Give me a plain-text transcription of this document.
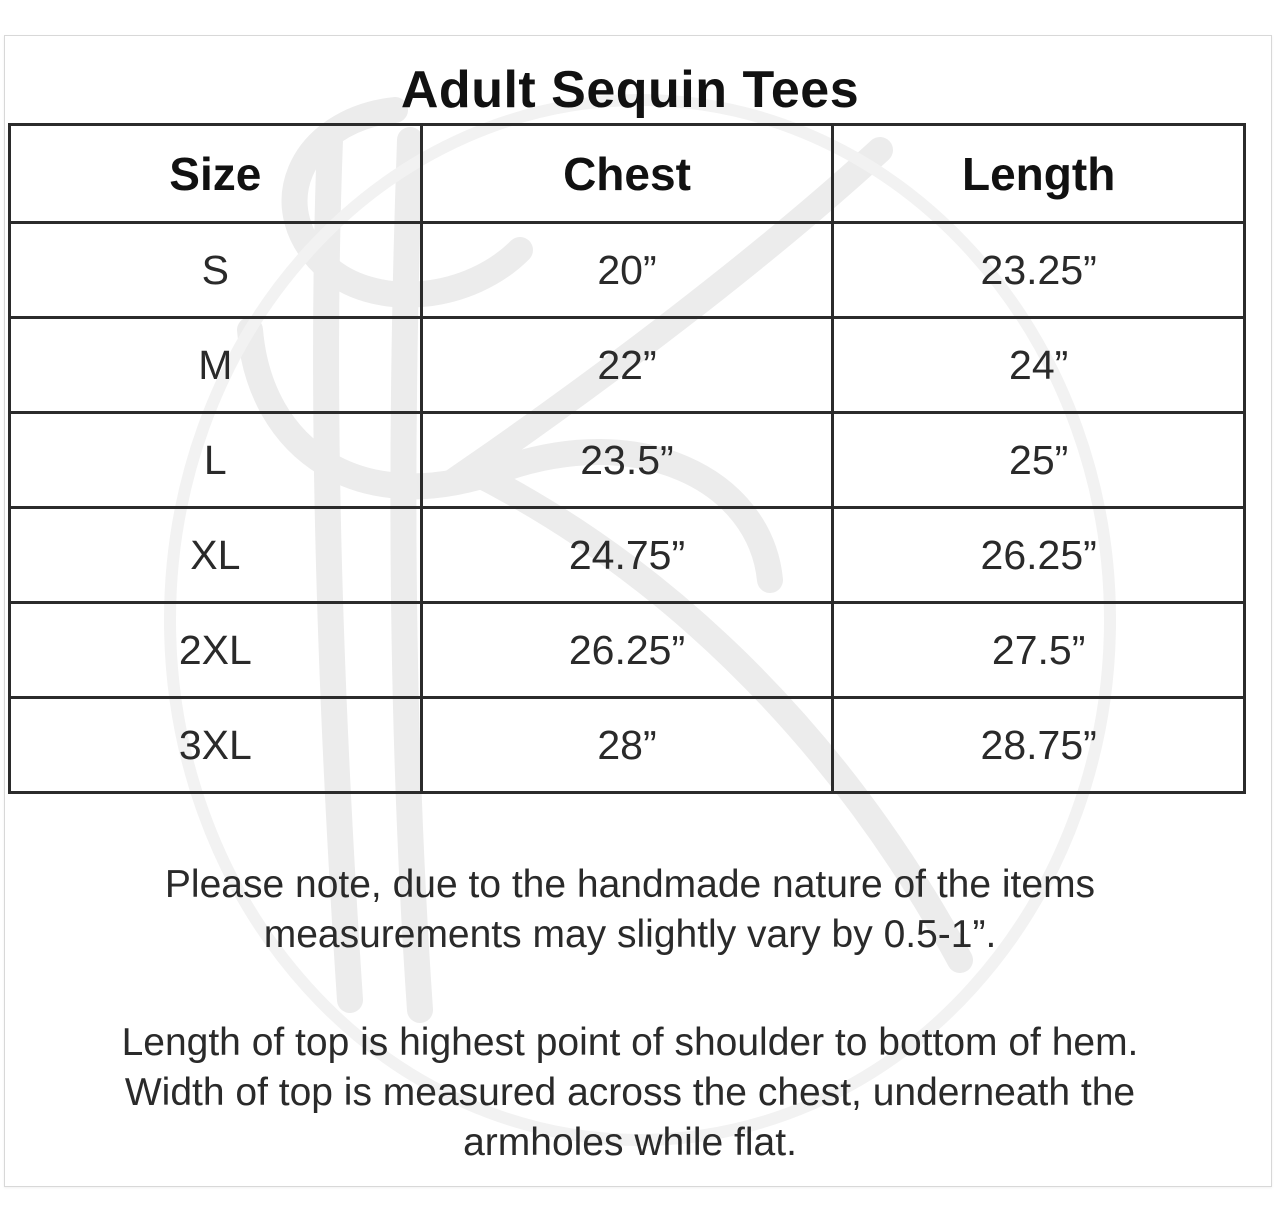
Adult Sequin Tees
Size	Chest	Length
S	20”	23.25”
M	22”	24”
L	23.5”	25”
XL	24.75”	26.25”
2XL	26.25”	27.5”
3XL	28”	28.75”
Please note, due to the handmade nature of the items
measurements may slightly vary by 0.5-1”.
Length of top is highest point of shoulder to bottom of hem.
Width of top is measured across the chest, underneath the
armholes while flat.
